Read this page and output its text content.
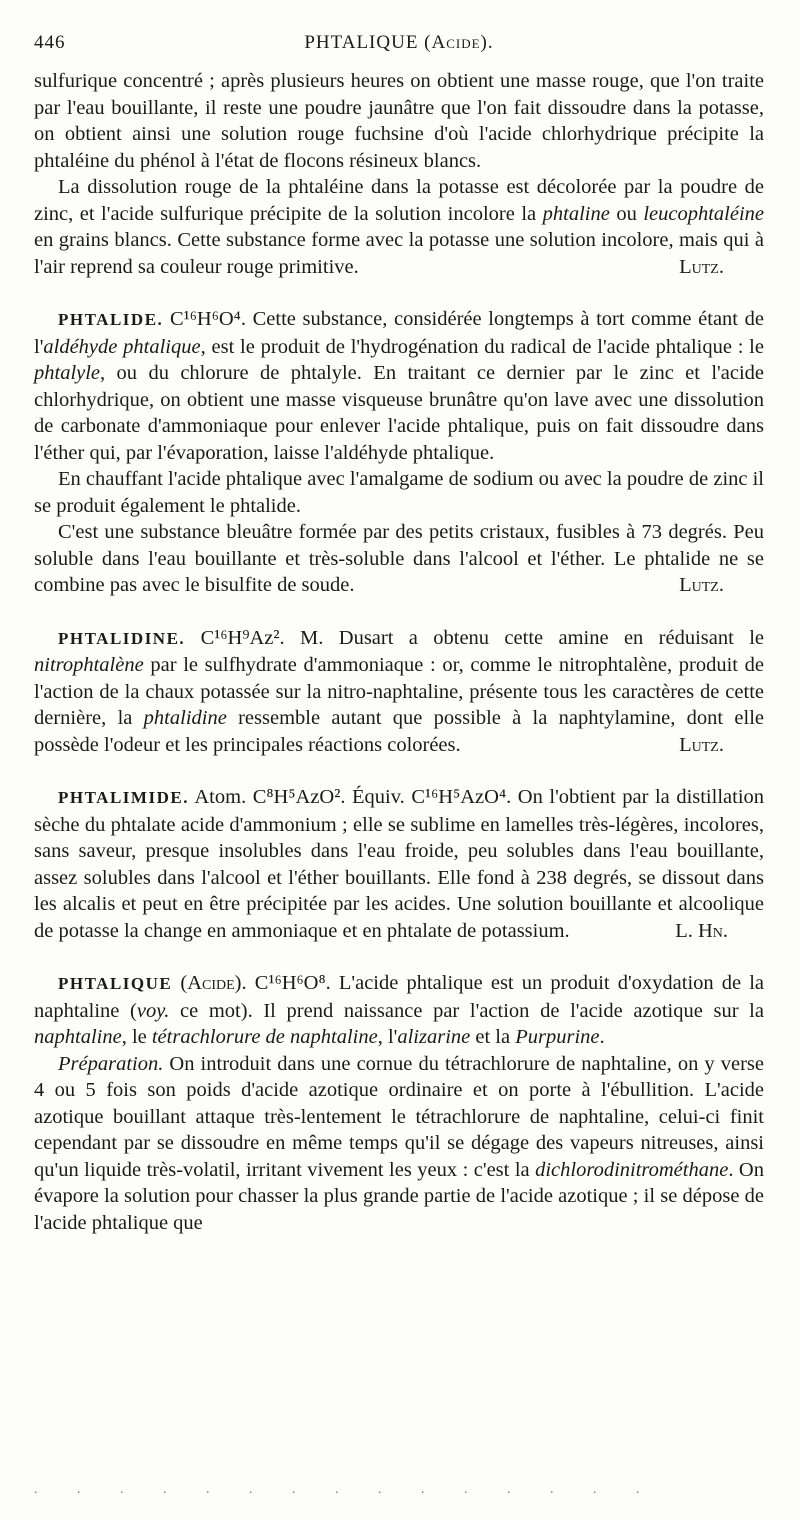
446	PHTALIQUE (Acide).

sulfurique concentré ; après plusieurs heures on obtient une masse rouge, que l'on traite par l'eau bouillante, il reste une poudre jaunâtre que l'on fait dissoudre dans la potasse, on obtient ainsi une solution rouge fuchsine d'où l'acide chlorhydrique précipite la phtaléine du phénol à l'état de flocons résineux blancs.

La dissolution rouge de la phtaléine dans la potasse est décolorée par la poudre de zinc, et l'acide sulfurique précipite de la solution incolore la phtaline ou leucophtaléine en grains blancs. Cette substance forme avec la potasse une solution incolore, mais qui à l'air reprend sa couleur rouge primitive.	Lutz.

PHTALIDE. C¹⁶H⁶O⁴. Cette substance, considérée longtemps à tort comme étant de l'aldéhyde phtalique, est le produit de l'hydrogénation du radical de l'acide phtalique : le phtalyle, ou du chlorure de phtalyle. En traitant ce dernier par le zinc et l'acide chlorhydrique, on obtient une masse visqueuse brunâtre qu'on lave avec une dissolution de carbonate d'ammoniaque pour enlever l'acide phtalique, puis on fait dissoudre dans l'éther qui, par l'évaporation, laisse l'aldéhyde phtalique.

En chauffant l'acide phtalique avec l'amalgame de sodium ou avec la poudre de zinc il se produit également le phtalide.

C'est une substance bleuâtre formée par des petits cristaux, fusibles à 73 degrés. Peu soluble dans l'eau bouillante et très-soluble dans l'alcool et l'éther. Le phtalide ne se combine pas avec le bisulfite de soude.	Lutz.

PHTALIDINE. C¹⁶H⁹Az². M. Dusart a obtenu cette amine en réduisant le nitrophtalène par le sulfhydrate d'ammoniaque : or, comme le nitrophtalène, produit de l'action de la chaux potassée sur la nitro-naphtaline, présente tous les caractères de cette dernière, la phtalidine ressemble autant que possible à la naphtylamine, dont elle possède l'odeur et les principales réactions colorées.	Lutz.

PHTALIMIDE. Atom. C⁸H⁵AzO². Équiv. C¹⁶H⁵AzO⁴. On l'obtient par la distillation sèche du phtalate acide d'ammonium ; elle se sublime en lamelles très-légères, incolores, sans saveur, presque insolubles dans l'eau froide, peu solubles dans l'eau bouillante, assez solubles dans l'alcool et l'éther bouillants. Elle fond à 238 degrés, se dissout dans les alcalis et peut en être précipitée par les acides. Une solution bouillante et alcoolique de potasse la change en ammoniaque et en phtalate de potassium.	L. Hn.

PHTALIQUE (Acide). C¹⁶H⁶O⁸. L'acide phtalique est un produit d'oxydation de la naphtaline (voy. ce mot). Il prend naissance par l'action de l'acide azotique sur la naphtaline, le tétrachlorure de naphtaline, l'alizarine et la Purpurine.

Préparation. On introduit dans une cornue du tétrachlorure de naphtaline, on y verse 4 ou 5 fois son poids d'acide azotique ordinaire et on porte à l'ébullition. L'acide azotique bouillant attaque très-lentement le tétrachlorure de naphtaline, celui-ci finit cependant par se dissoudre en même temps qu'il se dégage des vapeurs nitreuses, ainsi qu'un liquide très-volatil, irritant vivement les yeux : c'est la dichlorodinitrométhane. On évapore la solution pour chasser la plus grande partie de l'acide azotique ; il se dépose de l'acide phtalique que

. . . . . . . . . . . . . . .
